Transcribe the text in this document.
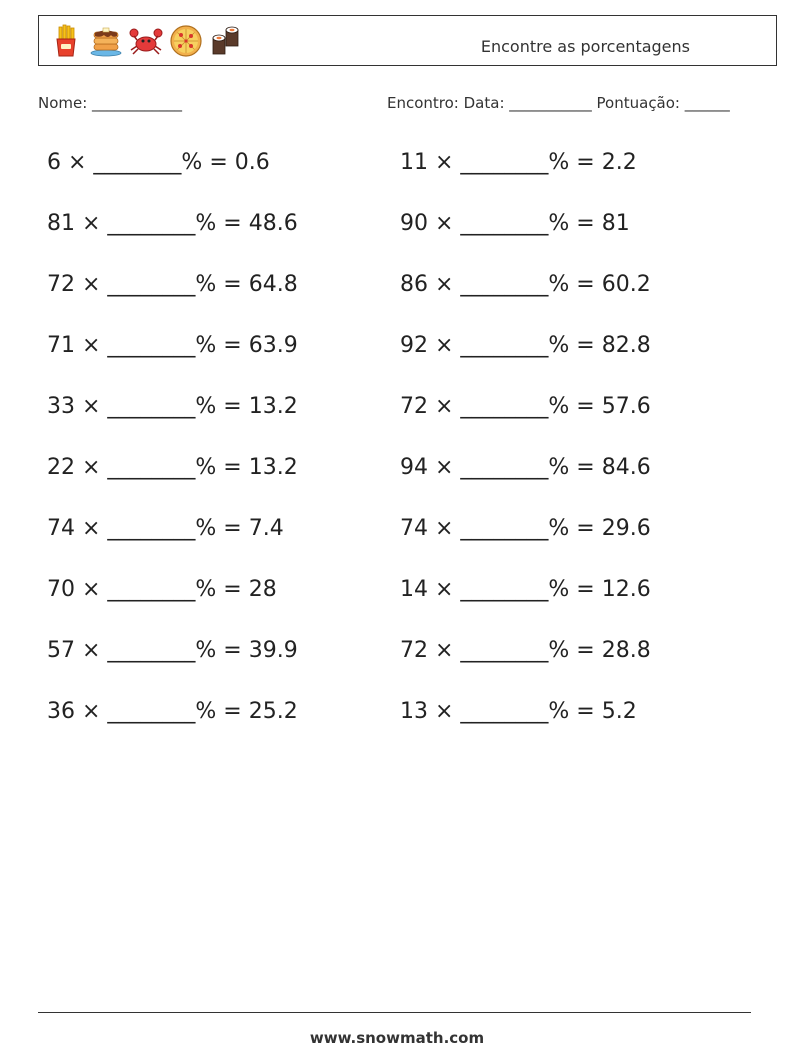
Encontre as porcentagens
Nome: ____________	Encontro: Data: ___________ Pontuação: ______
6 × ________% = 0.6
81 × ________% = 48.6
72 × ________% = 64.8
71 × ________% = 63.9
33 × ________% = 13.2
22 × ________% = 13.2
74 × ________% = 7.4
70 × ________% = 28
57 × ________% = 39.9
36 × ________% = 25.2
11 × ________% = 2.2
90 × ________% = 81
86 × ________% = 60.2
92 × ________% = 82.8
72 × ________% = 57.6
94 × ________% = 84.6
74 × ________% = 29.6
14 × ________% = 12.6
72 × ________% = 28.8
13 × ________% = 5.2
www.snowmath.com
